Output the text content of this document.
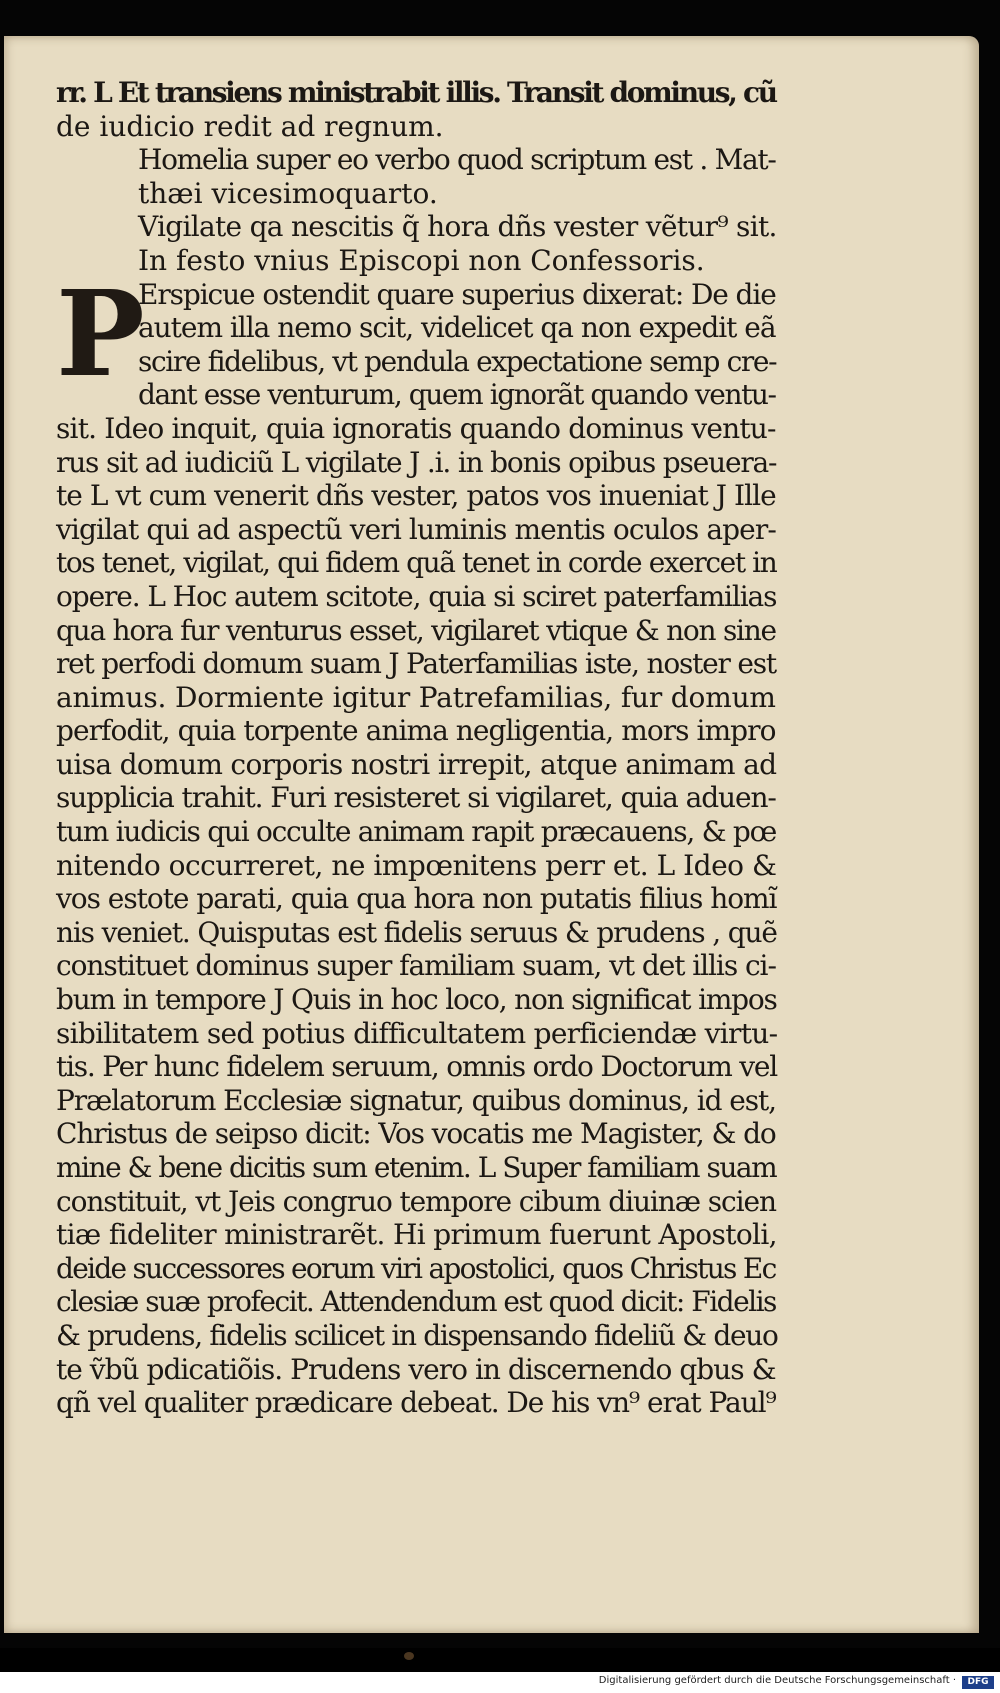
rr. L Et transiens ministrabit illis. Transit dominus, cũ
de iudicio redit ad regnum.
Homelia super eo verbo quod scriptum est . Mat-
thæi vicesimoquarto.
Vigilate qa nescitis q̃ hora dñs vester vẽtur⁹ sit.
In festo vnius Episcopi non Confessoris.
P
Erspicue ostendit quare superius dixerat: De die
autem illa nemo scit, videlicet qa non expedit eã
scire fidelibus, vt pendula expectatione semp cre-
dant esse venturum, quem ignorãt quando ventu-
sit. Ideo inquit, quia ignoratis quando dominus ventu-
rus sit ad iudiciũ L vigilate J .i. in bonis opibus pseuera-
te L vt cum venerit dñs vester, patos vos inueniat J Ille
vigilat qui ad aspectũ veri luminis mentis oculos aper-
tos tenet, vigilat, qui fidem quã tenet in corde exercet in
opere. L Hoc autem scitote, quia si sciret paterfamilias
qua hora fur venturus esset, vigilaret vtique & non sine
ret perfodi domum suam J Paterfamilias iste, noster est
animus. Dormiente igitur Patrefamilias, fur domum
perfodit, quia torpente anima negligentia, mors impro
uisa domum corporis nostri irrepit, atque animam ad
supplicia trahit. Furi resisteret si vigilaret, quia aduen-
tum iudicis qui occulte animam rapit præcauens, & pœ
nitendo occurreret, ne impœnitens perr et. L Ideo &
vos estote parati, quia qua hora non putatis filius homĩ
nis veniet. Quisputas est fidelis seruus & prudens , quẽ
constituet dominus super familiam suam, vt det illis ci-
bum in tempore J Quis in hoc loco, non significat impos
sibilitatem sed potius difficultatem perficiendæ virtu-
tis. Per hunc fidelem seruum, omnis ordo Doctorum vel
Prælatorum Ecclesiæ signatur, quibus dominus, id est,
Christus de seipso dicit: Vos vocatis me Magister, & do
mine & bene dicitis sum etenim. L Super familiam suam
constituit, vt Jeis congruo tempore cibum diuinæ scien
tiæ fideliter ministrarẽt. Hi primum fuerunt Apostoli,
deide successores eorum viri apostolici, quos Christus Ec
clesiæ suæ profecit. Attendendum est quod dicit: Fidelis
& prudens, fidelis scilicet in dispensando fideliũ & deuo
te ṽbũ pdicatiõis. Prudens vero in discernendo qbus &
qñ vel qualiter prædicare debeat. De his vn⁹ erat Paul⁹
Digitalisierung gefördert durch die Deutsche Forschungsgemeinschaft ·	DFG
